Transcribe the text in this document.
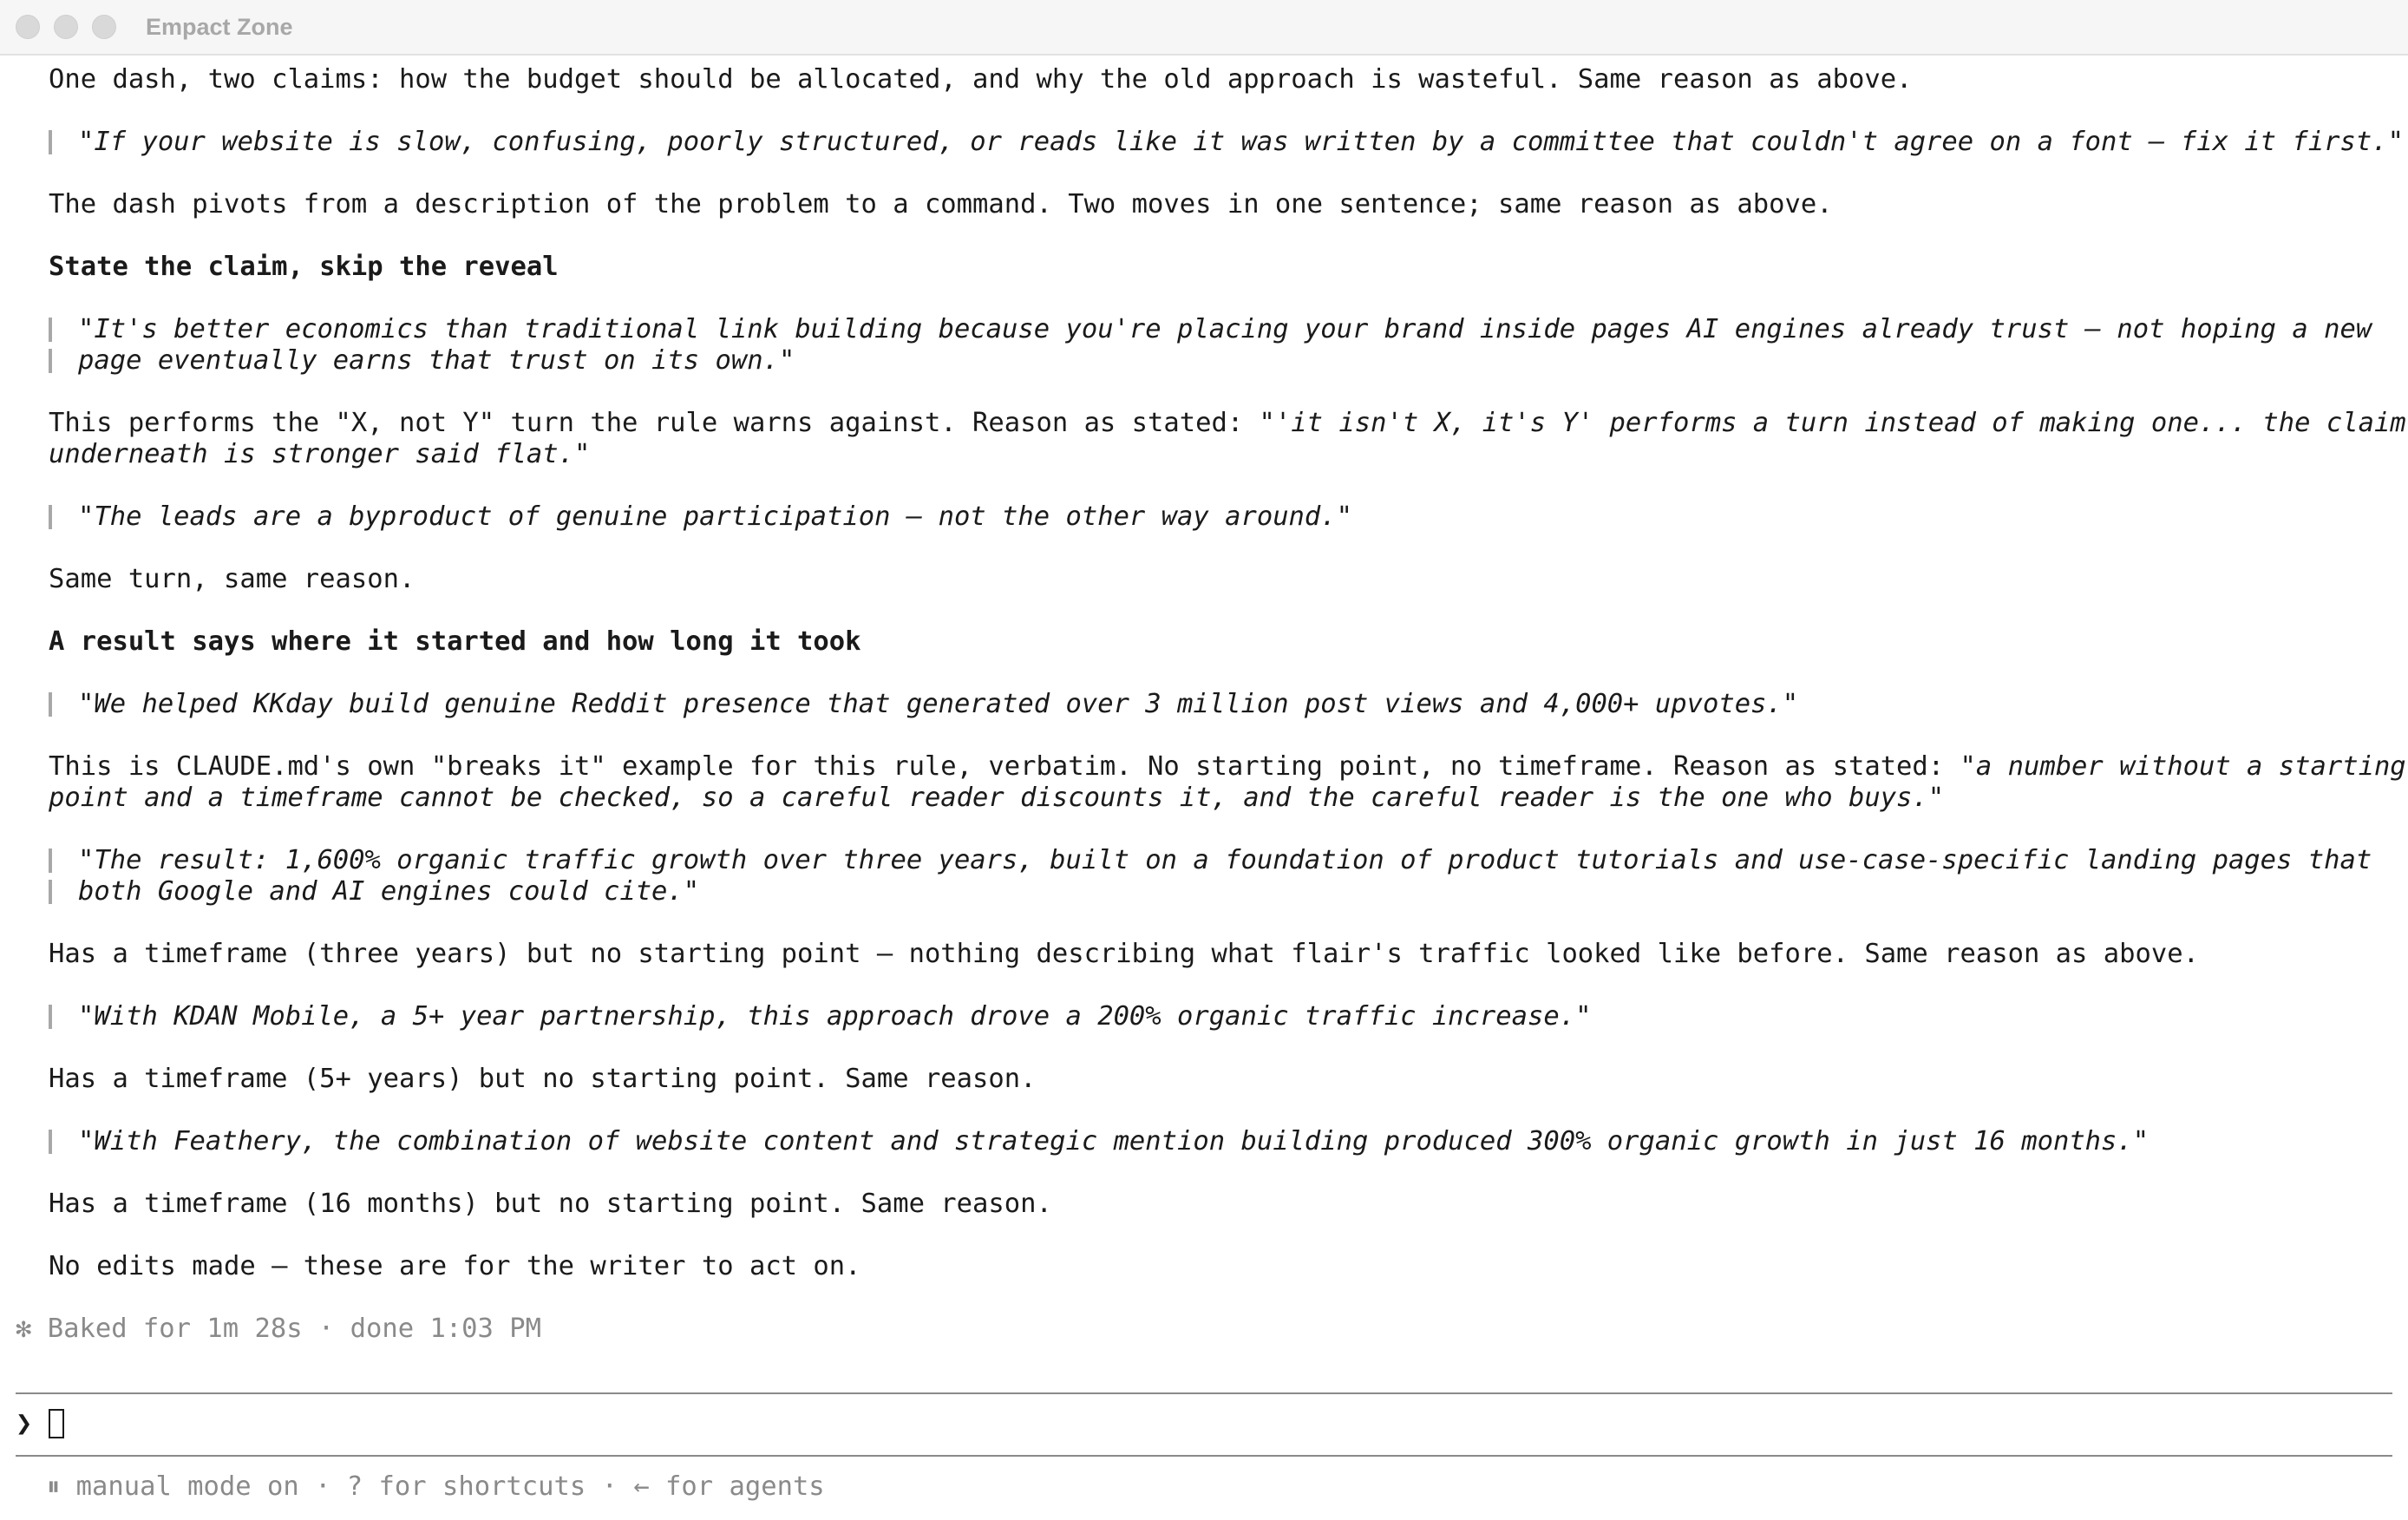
Empact Zone
One dash, two claims: how the budget should be allocated, and why the old approach is wasteful. Same reason as above.

"If your website is slow, confusing, poorly structured, or reads like it was written by a committee that couldn't agree on a font — fix it first."

The dash pivots from a description of the problem to a command. Two moves in one sentence; same reason as above.
State the claim, skip the reveal

"It's better economics than traditional link building because you're placing your brand inside pages AI engines already trust — not hoping a new

page eventually earns that trust on its own."

This performs the "X, not Y" turn the rule warns against. Reason as stated: "'it isn't X, it's Y' performs a turn instead of making one... the claim
underneath is stronger said flat."

"The leads are a byproduct of genuine participation — not the other way around."

Same turn, same reason.
A result says where it started and how long it took

"We helped KKday build genuine Reddit presence that generated over 3 million post views and 4,000+ upvotes."

This is CLAUDE.md's own "breaks it" example for this rule, verbatim. No starting point, no timeframe. Reason as stated: "a number without a starting
point and a timeframe cannot be checked, so a careful reader discounts it, and the careful reader is the one who buys."

"The result: 1,600% organic traffic growth over three years, built on a foundation of product tutorials and use-case-specific landing pages that

both Google and AI engines could cite."

Has a timeframe (three years) but no starting point — nothing describing what flair's traffic looked like before. Same reason as above.

"With KDAN Mobile, a 5+ year partnership, this approach drove a 200% organic traffic increase."

Has a timeframe (5+ years) but no starting point. Same reason.

"With Feathery, the combination of website content and strategic mention building produced 300% organic growth in just 16 months."

Has a timeframe (16 months) but no starting point. Same reason.
No edits made — these are for the writer to act on.
✻ Baked for 1m 28s · done 1:03 PM
❯
⏸ manual mode on · ? for shortcuts · ← for agents
